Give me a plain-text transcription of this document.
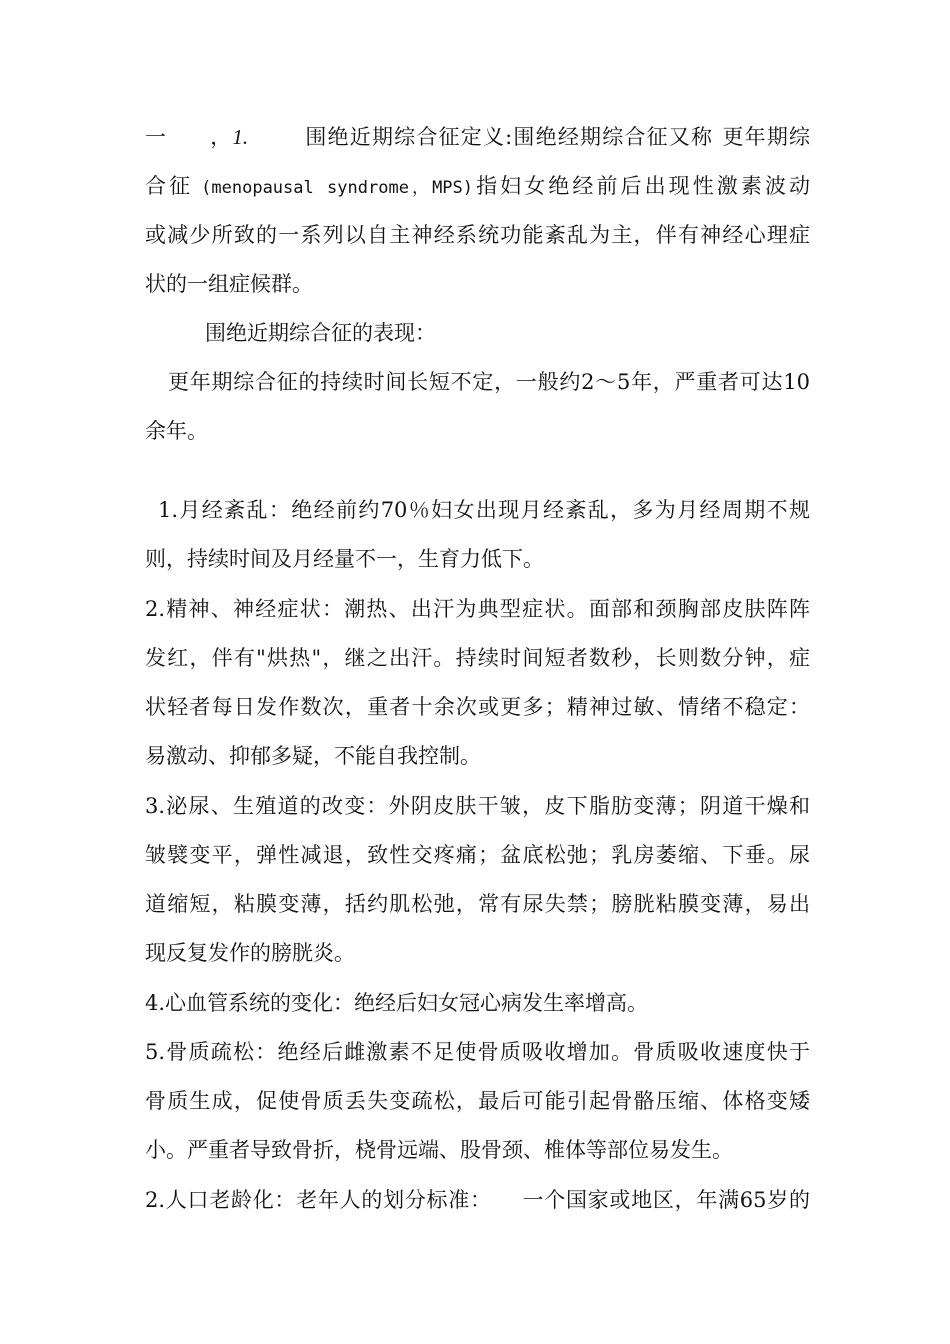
一 ，1.	围绝近期综合征定义:围绝经期综合征又称 更年期综
合征 (menopausal syndrome，MPS)指妇女绝经前后出现性激素波动
或减少所致的一系列以自主神经系统功能紊乱为主，伴有神经心理症
状的一组症候群。
围绝近期综合征的表现：
更年期综合征的持续时间长短不定，一般约2～5年，严重者可达10
余年。
1.月经紊乱：绝经前约70％妇女出现月经紊乱，多为月经周期不规
则，持续时间及月经量不一，生育力低下。
2.精神、神经症状：潮热、出汗为典型症状。面部和颈胸部皮肤阵阵
发红，伴有"烘热"，继之出汗。持续时间短者数秒，长则数分钟，症
状轻者每日发作数次，重者十余次或更多；精神过敏、情绪不稳定：
易激动、抑郁多疑，不能自我控制。
3.泌尿、生殖道的改变：外阴皮肤干皱，皮下脂肪变薄；阴道干燥和
皱襞变平，弹性减退，致性交疼痛；盆底松弛；乳房萎缩、下垂。尿
道缩短，粘膜变薄，括约肌松弛，常有尿失禁；膀胱粘膜变薄，易出
现反复发作的膀胱炎。
4.心血管系统的变化：绝经后妇女冠心病发生率增高。
5.骨质疏松：绝经后雌激素不足使骨质吸收增加。骨质吸收速度快于
骨质生成，促使骨质丢失变疏松，最后可能引起骨骼压缩、体格变矮
小。严重者导致骨折，桡骨远端、股骨颈、椎体等部位易发生。
2.人口老龄化：老年人的划分标准： 一个国家或地区，年满65岁的
